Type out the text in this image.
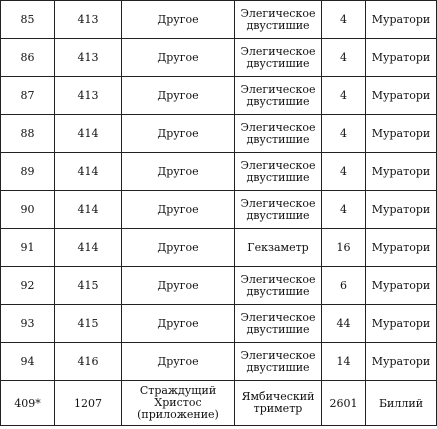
85	413	Другое	Элегическое двустишие	4	Муратори
86	413	Другое	Элегическое двустишие	4	Муратори
87	413	Другое	Элегическое двустишие	4	Муратори
88	414	Другое	Элегическое двустишие	4	Муратори
89	414	Другое	Элегическое двустишие	4	Муратори
90	414	Другое	Элегическое двустишие	4	Муратори
91	414	Другое	Гекзаметр	16	Муратори
92	415	Другое	Элегическое двустишие	6	Муратори
93	415	Другое	Элегическое двустишие	44	Муратори
94	416	Другое	Элегическое двустишие	14	Муратори
409*	1207	Страждущий Христос (приложение)	Ямбический триметр	2601	Биллий
